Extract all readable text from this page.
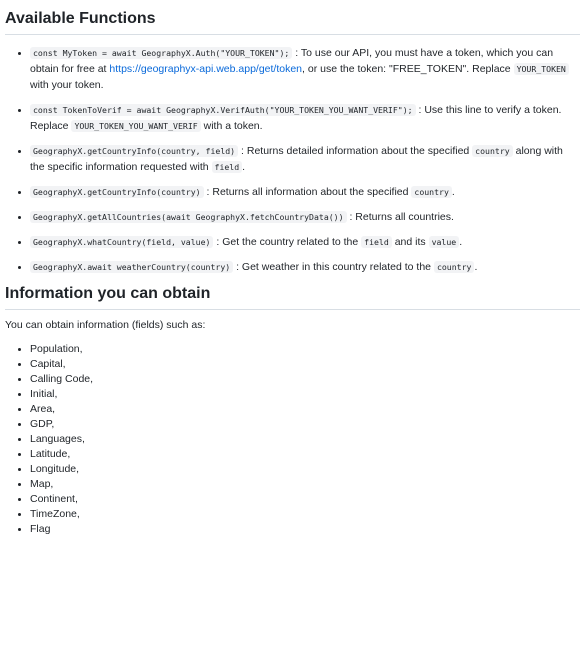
Available Functions
const MyToken = await GeographyX.Auth("YOUR_TOKEN"); : To use our API, you must have a token, which you can obtain for free at https://geographyx-api.web.app/get/token, or use the token: "FREE_TOKEN". Replace YOUR_TOKEN with your token.
const TokenToVerif = await GeographyX.VerifAuth("YOUR_TOKEN_YOU_WANT_VERIF"); : Use this line to verify a token. Replace YOUR_TOKEN_YOU_WANT_VERIF with a token.
GeographyX.getCountryInfo(country, field) : Returns detailed information about the specified country along with the specific information requested with field .
GeographyX.getCountryInfo(country) : Returns all information about the specified country .
GeographyX.getAllCountries(await GeographyX.fetchCountryData()) : Returns all countries.
GeographyX.whatCountry(field, value) : Get the country related to the field and its value .
GeographyX.await weatherCountry(country) : Get weather in this country related to the country .
Information you can obtain

You can obtain information (fields) such as:

Population,
Capital,
Calling Code,
Initial,
Area,
GDP,
Languages,
Latitude,
Longitude,
Map,
Continent,
TimeZone,
Flag
